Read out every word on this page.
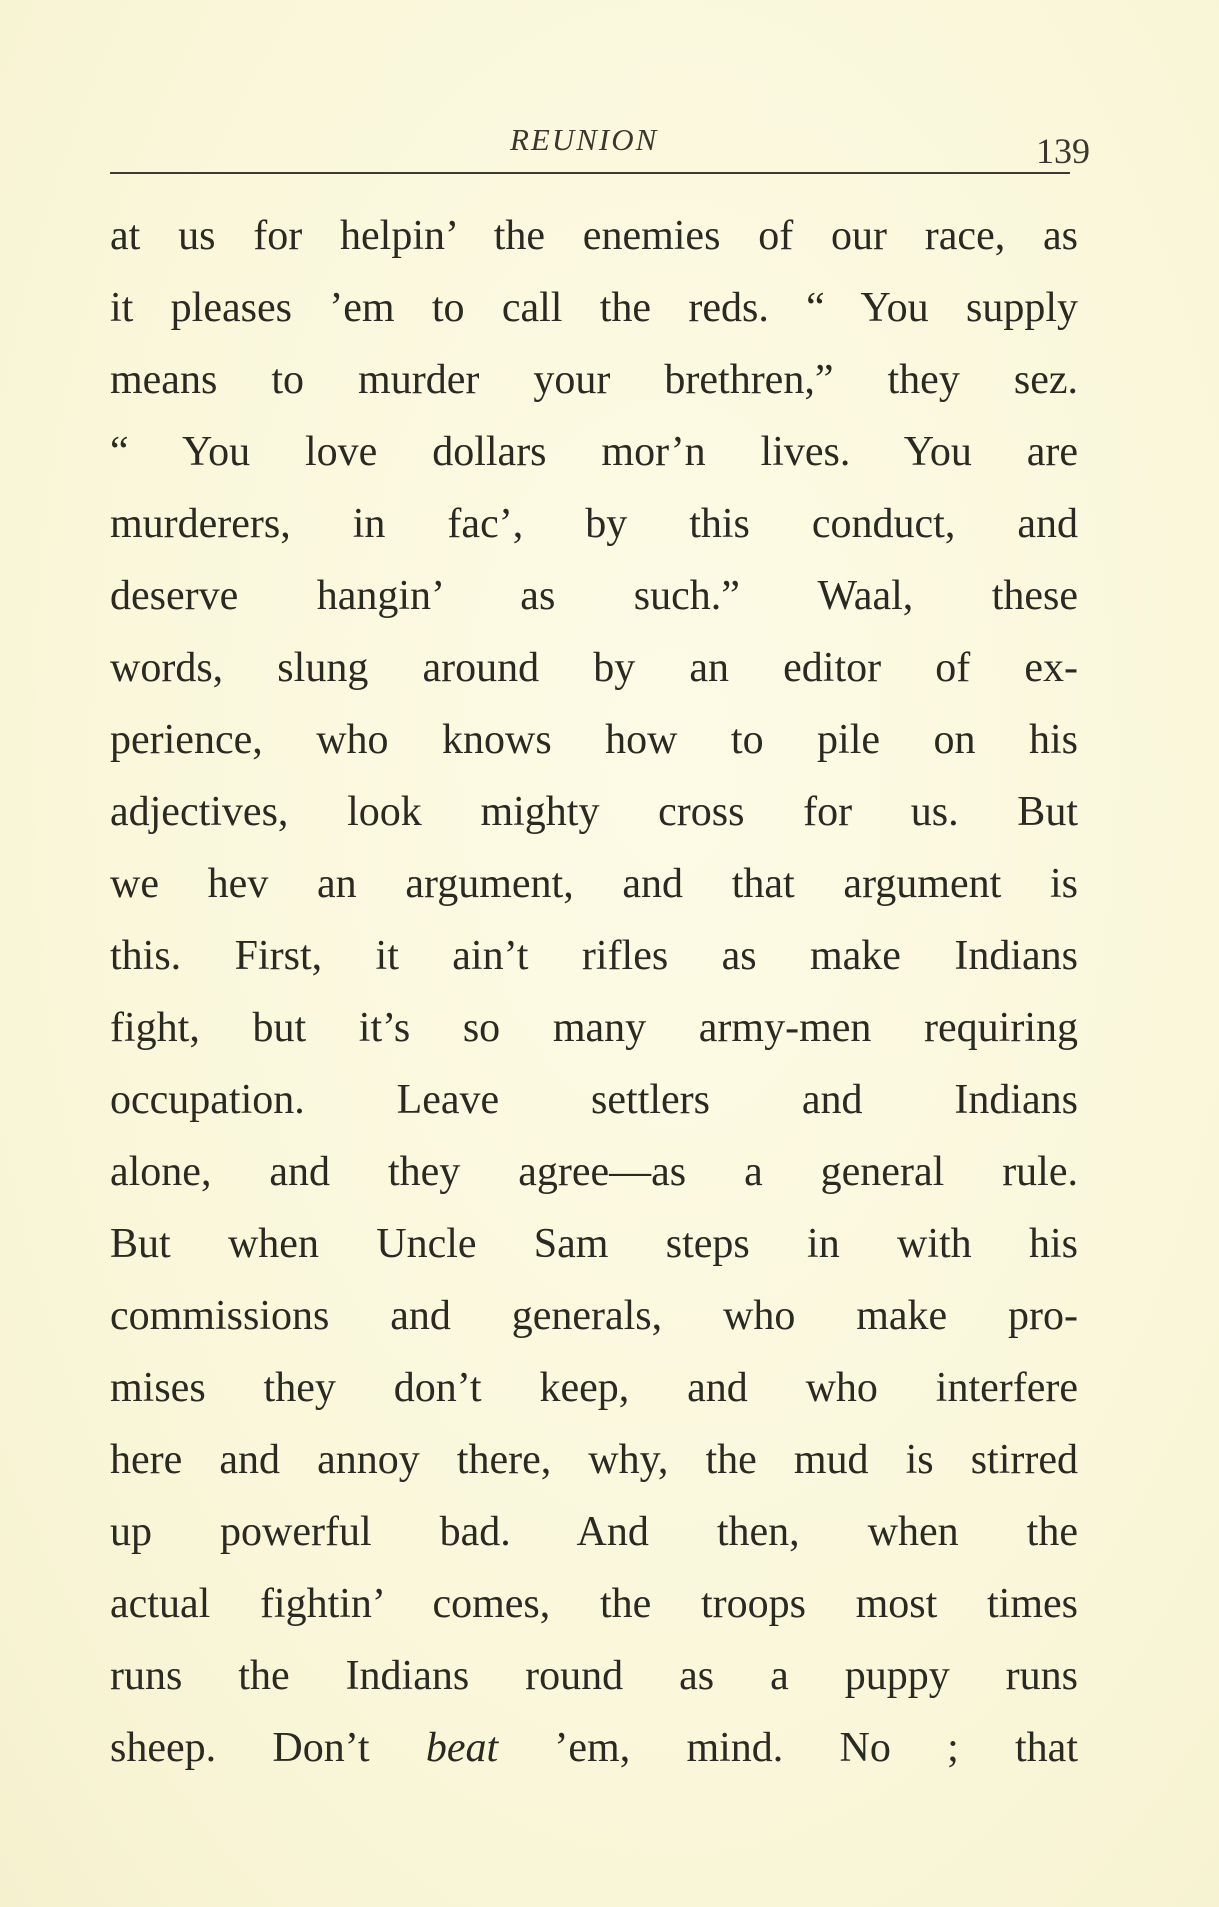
REUNION	139
at us for helpin’ the enemies of our race, as
it pleases ’em to call the reds. “ You supply
means to murder your brethren,” they sez.
“ You love dollars mor’n lives. You are
murderers, in fac’, by this conduct, and
deserve hangin’ as such.” Waal, these
words, slung around by an editor of ex-
perience, who knows how to pile on his
adjectives, look mighty cross for us. But
we hev an argument, and that argument is
this. First, it ain’t rifles as make Indians
fight, but it’s so many army-men requiring
occupation. Leave settlers and Indians
alone, and they agree—as a general rule.
But when Uncle Sam steps in with his
commissions and generals, who make pro-
mises they don’t keep, and who interfere
here and annoy there, why, the mud is stirred
up powerful bad. And then, when the
actual fightin’ comes, the troops most times
runs the Indians round as a puppy runs
sheep. Don’t beat ’em, mind. No ; that
